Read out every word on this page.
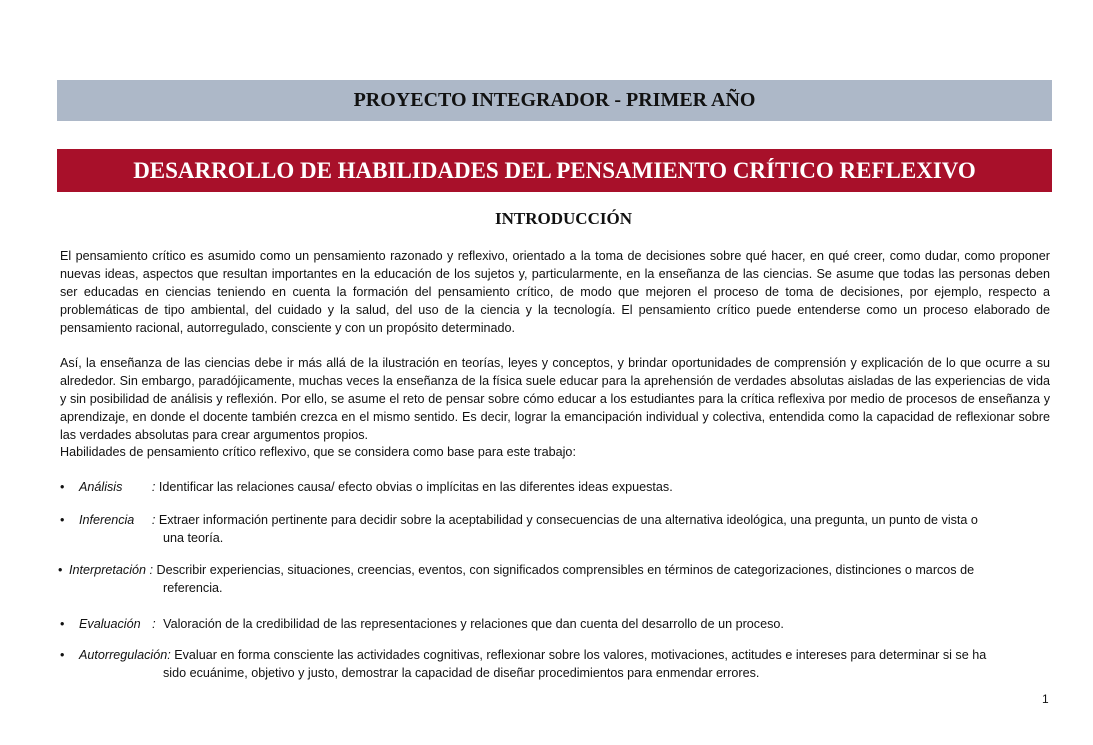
PROYECTO INTEGRADOR - PRIMER AÑO
DESARROLLO DE HABILIDADES DEL PENSAMIENTO CRÍTICO REFLEXIVO
INTRODUCCIÓN
El pensamiento crítico es asumido como un pensamiento razonado y reflexivo, orientado a la toma de decisiones sobre qué hacer, en qué creer, como dudar, como proponer nuevas ideas, aspectos que resultan importantes en la educación de los sujetos y, particularmente, en la enseñanza de las ciencias. Se asume que todas las personas deben ser educadas en ciencias teniendo en cuenta la formación del pensamiento crítico, de modo que mejoren el proceso de toma de decisiones, por ejemplo, respecto a problemáticas de tipo ambiental, del cuidado y la salud, del uso de la ciencia y la tecnología. El pensamiento crítico puede entenderse como un proceso elaborado de pensamiento racional, autorregulado, consciente y con un propósito determinado.
Así, la enseñanza de las ciencias debe ir más allá de la ilustración en teorías, leyes y conceptos, y brindar oportunidades de comprensión y explicación de lo que ocurre a su alrededor. Sin embargo, paradójicamente, muchas veces la enseñanza de la física suele educar para la aprehensión de verdades absolutas aisladas de las experiencias de vida y sin posibilidad de análisis y reflexión. Por ello, se asume el reto de pensar sobre cómo educar a los estudiantes para la crítica reflexiva por medio de procesos de enseñanza y aprendizaje, en donde el docente también crezca en el mismo sentido. Es decir, lograr la emancipación individual y colectiva, entendida como la capacidad de reflexionar sobre las verdades absolutas para crear argumentos propios.
Habilidades de pensamiento crítico reflexivo, que se considera como base para este trabajo:
• Análisis : Identificar las relaciones causa/ efecto obvias o implícitas en las diferentes ideas expuestas.
• Inferencia : Extraer información pertinente para decidir sobre la aceptabilidad y consecuencias de una alternativa ideológica, una pregunta, un punto de vista o
una teoría.
• Interpretación : Describir experiencias, situaciones, creencias, eventos, con significados comprensibles en términos de categorizaciones, distinciones o marcos de
referencia.
• Evaluación : Valoración de la credibilidad de las representaciones y relaciones que dan cuenta del desarrollo de un proceso.
• Autorregulación: Evaluar en forma consciente las actividades cognitivas, reflexionar sobre los valores, motivaciones, actitudes e intereses para determinar si se ha
sido ecuánime, objetivo y justo, demostrar la capacidad de diseñar procedimientos para enmendar errores.
1
